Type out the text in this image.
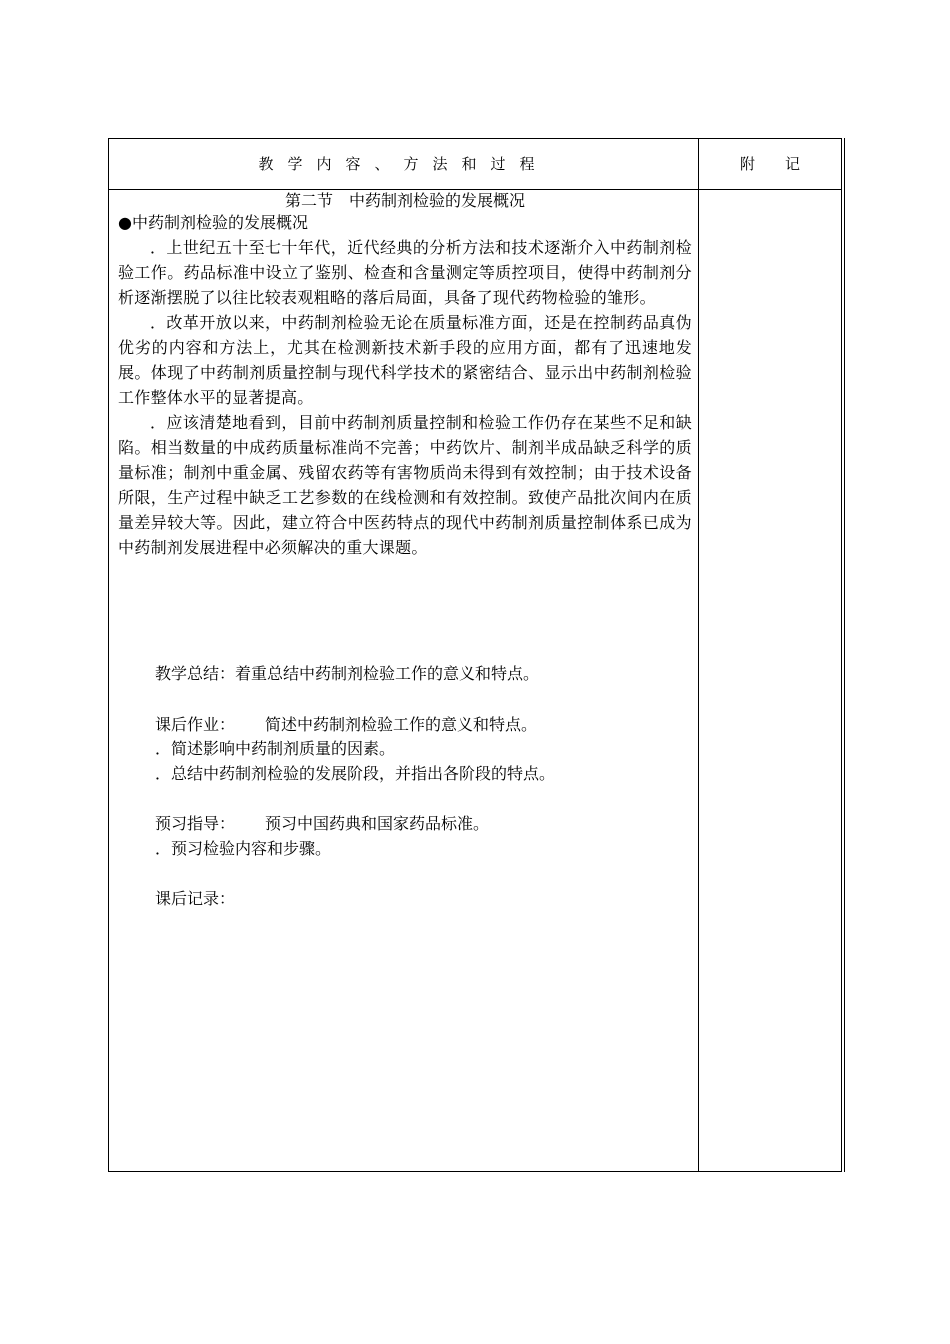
教学内容、方法和过程	附记
第二节　中药制剂检验的发展概况
●中药制剂检验的发展概况

．上世纪五十至七十年代，近代经典的分析方法和技术逐渐介入中药制剂检验工作。药品标准中设立了鉴别、检查和含量测定等质控项目，使得中药制剂分析逐渐摆脱了以往比较表观粗略的落后局面，具备了现代药物检验的雏形。

．改革开放以来，中药制剂检验无论在质量标准方面，还是在控制药品真伪优劣的内容和方法上，尤其在检测新技术新手段的应用方面，都有了迅速地发展。体现了中药制剂质量控制与现代科学技术的紧密结合、显示出中药制剂检验工作整体水平的显著提高。

．应该清楚地看到，目前中药制剂质量控制和检验工作仍存在某些不足和缺陷。相当数量的中成药质量标准尚不完善；中药饮片、制剂半成品缺乏科学的质量标准；制剂中重金属、残留农药等有害物质尚未得到有效控制；由于技术设备所限，生产过程中缺乏工艺参数的在线检测和有效控制。致使产品批次间内在质量差异较大等。因此，建立符合中医药特点的现代中药制剂质量控制体系已成为中药制剂发展进程中必须解决的重大课题。

教学总结：着重总结中药制剂检验工作的意义和特点。
课后作业： 简述中药制剂检验工作的意义和特点。
．简述影响中药制剂质量的因素。
．总结中药制剂检验的发展阶段，并指出各阶段的特点。
预习指导： 预习中国药典和国家药品标准。
．预习检验内容和步骤。
课后记录：
